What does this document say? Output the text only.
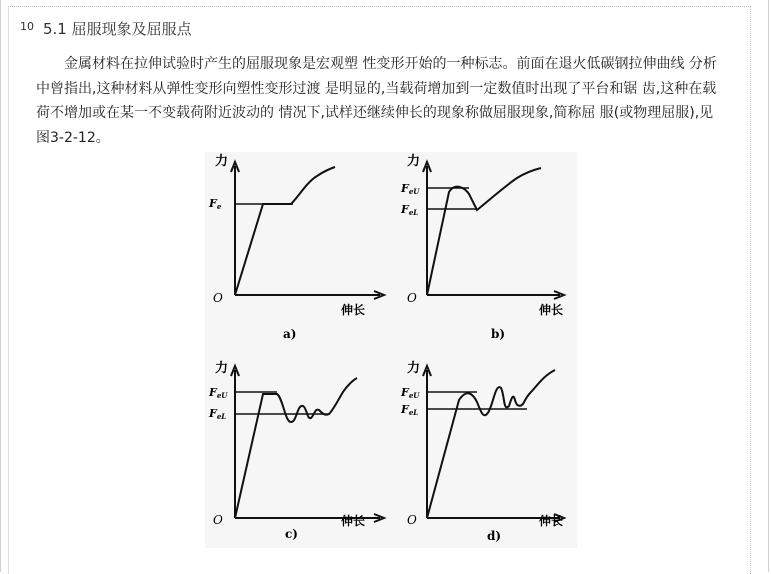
10 5.1 屈服现象及屈服点
金属材料在拉伸试验时产生的屈服现象是宏观塑 性变形开始的一种标志。前面在退火低碳钢拉伸曲线 分析中曾指出,这种材料从弹性变形向塑性变形过渡 是明显的,当载荷增加到一定数值时出现了平台和锯 齿,这种在载荷不增加或在某一不变载荷附近波动的 情况下,试样还继续伸长的现象称做屈服现象,简称屈 服(或物理屈服),见图3-2-12。
力
Fe
O
伸长
a)
力
FeU
FeL
O
伸长
b)
力
FeU
FeL
O	伸长
c)
力
FeU
FeL
O	伸长
d)
